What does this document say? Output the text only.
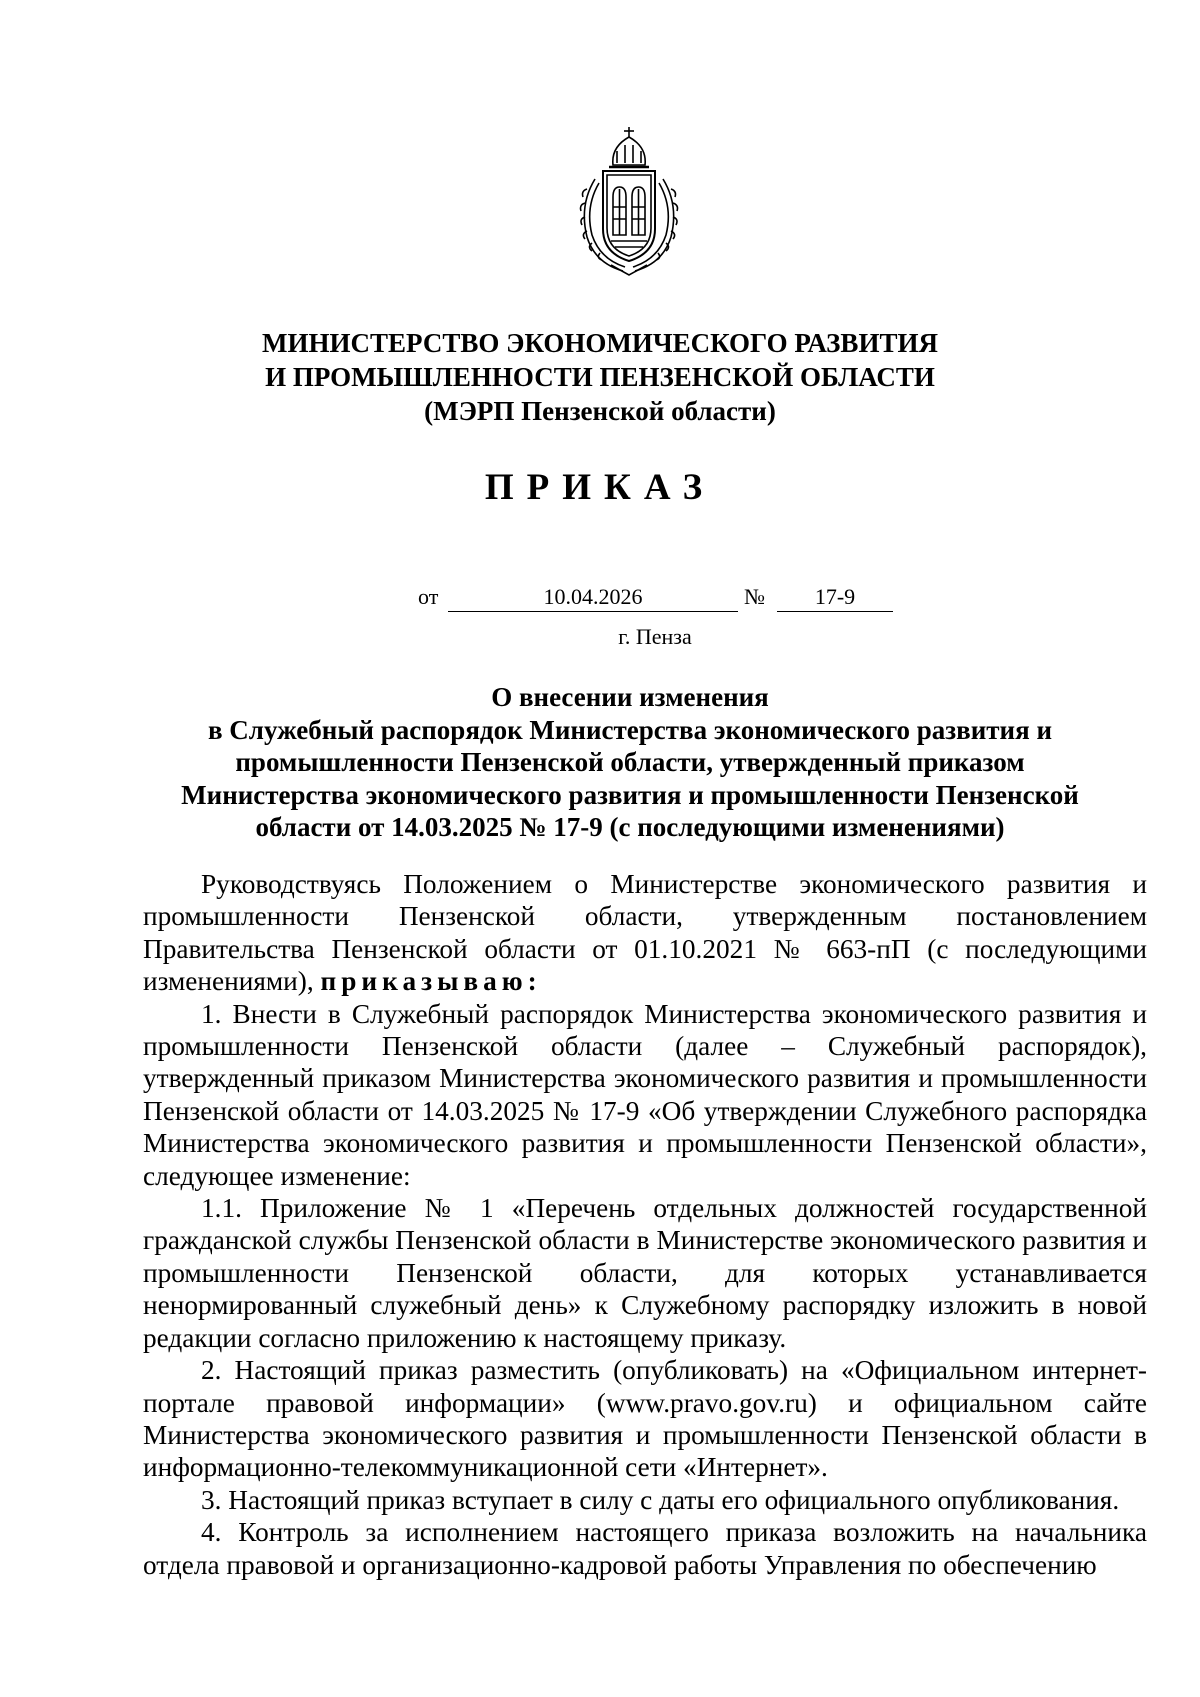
МИНИСТЕРСТВО ЭКОНОМИЧЕСКОГО РАЗВИТИЯ
И ПРОМЫШЛЕННОСТИ ПЕНЗЕНСКОЙ ОБЛАСТИ
(МЭРП Пензенской области)
ПРИКАЗ
от	10.04.2026	№	17-9
г. Пенза
О внесении изменения
в Служебный распорядок Министерства экономического развития и
промышленности Пензенской области, утвержденный приказом
Министерства экономического развития и промышленности Пензенской
области от 14.03.2025 № 17-9 (с последующими изменениями)

Руководствуясь Положением о Министерстве экономического развития и промышленности Пензенской области, утвержденным постановлением Правительства Пензенской области от 01.10.2021 № 663-пП (с последующими изменениями), приказываю:

1. Внести в Служебный распорядок Министерства экономического развития и промышленности Пензенской области (далее – Служебный распорядок), утвержденный приказом Министерства экономического развития и промышленности Пензенской области от 14.03.2025 № 17-9 «Об утверждении Служебного распорядка Министерства экономического развития и промышленности Пензенской области», следующее изменение:

1.1. Приложение № 1 «Перечень отдельных должностей государственной гражданской службы Пензенской области в Министерстве экономического развития и промышленности Пензенской области, для которых устанавливается ненормированный служебный день» к Служебному распорядку изложить в новой редакции согласно приложению к настоящему приказу.

2. Настоящий приказ разместить (опубликовать) на «Официальном интернет-портале правовой информации» (www.pravo.gov.ru) и официальном сайте Министерства экономического развития и промышленности Пензенской области в информационно-телекоммуникационной сети «Интернет».

3. Настоящий приказ вступает в силу с даты его официального опубликования.

4. Контроль за исполнением настоящего приказа возложить на начальника отдела правовой и организационно-кадровой работы Управления по обеспечению
